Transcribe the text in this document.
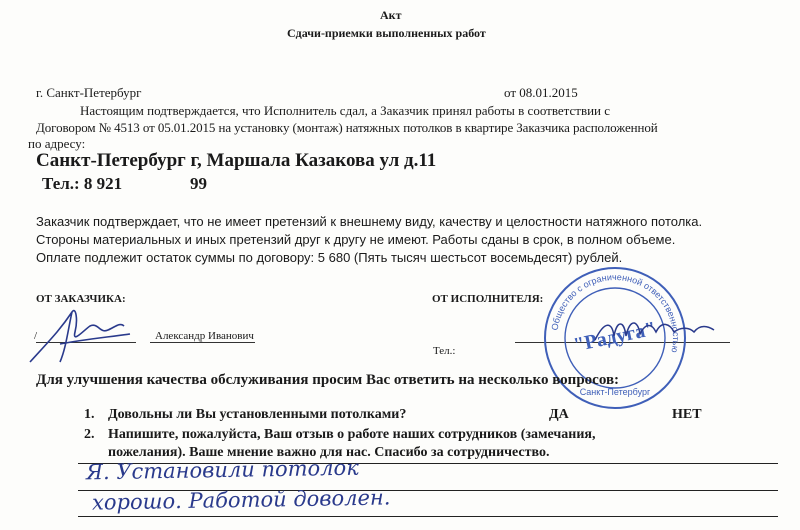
Акт
Сдачи-приемки выполненных работ
г. Санкт-Петербург	от 08.01.2015
Настоящим подтверждается, что Исполнитель сдал, а Заказчик принял работы в соответствии с
Договором № 4513 от 05.01.2015 на установку (монтаж) натяжных потолков в квартире Заказчика расположенной
по адресу:
Санкт-Петербург г, Маршала Казакова ул д.11
Тел.: 8 921	99
Заказчик подтверждает, что не имеет претензий к внешнему виду, качеству и целостности натяжного потолка.
Стороны материальных и иных претензий друг к другу не имеют. Работы сданы в срок, в полном объеме.
Оплате подлежит остаток суммы по договору: 5 680 (Пять тысяч шестьсот восемьдесят) рублей.
ОТ ЗАКАЗЧИКА:	ОТ ИСПОЛНИТЕЛЯ:
/	Александр Иванович
Тел.:
Общество с ограниченной ответственностью
"Радуга"
Санкт-Петербург
Для улучшения качества обслуживания просим Вас ответить на несколько вопросов:
1. Довольны ли Вы установленными потолками?	ДА	НЕТ
2. Напишите, пожалуйста, Ваш отзыв о работе наших сотрудников (замечания,
пожелания). Ваше мнение важно для нас. Спасибо за сотрудничество.
Я. Установили потолок
хорошо. Работой доволен.
